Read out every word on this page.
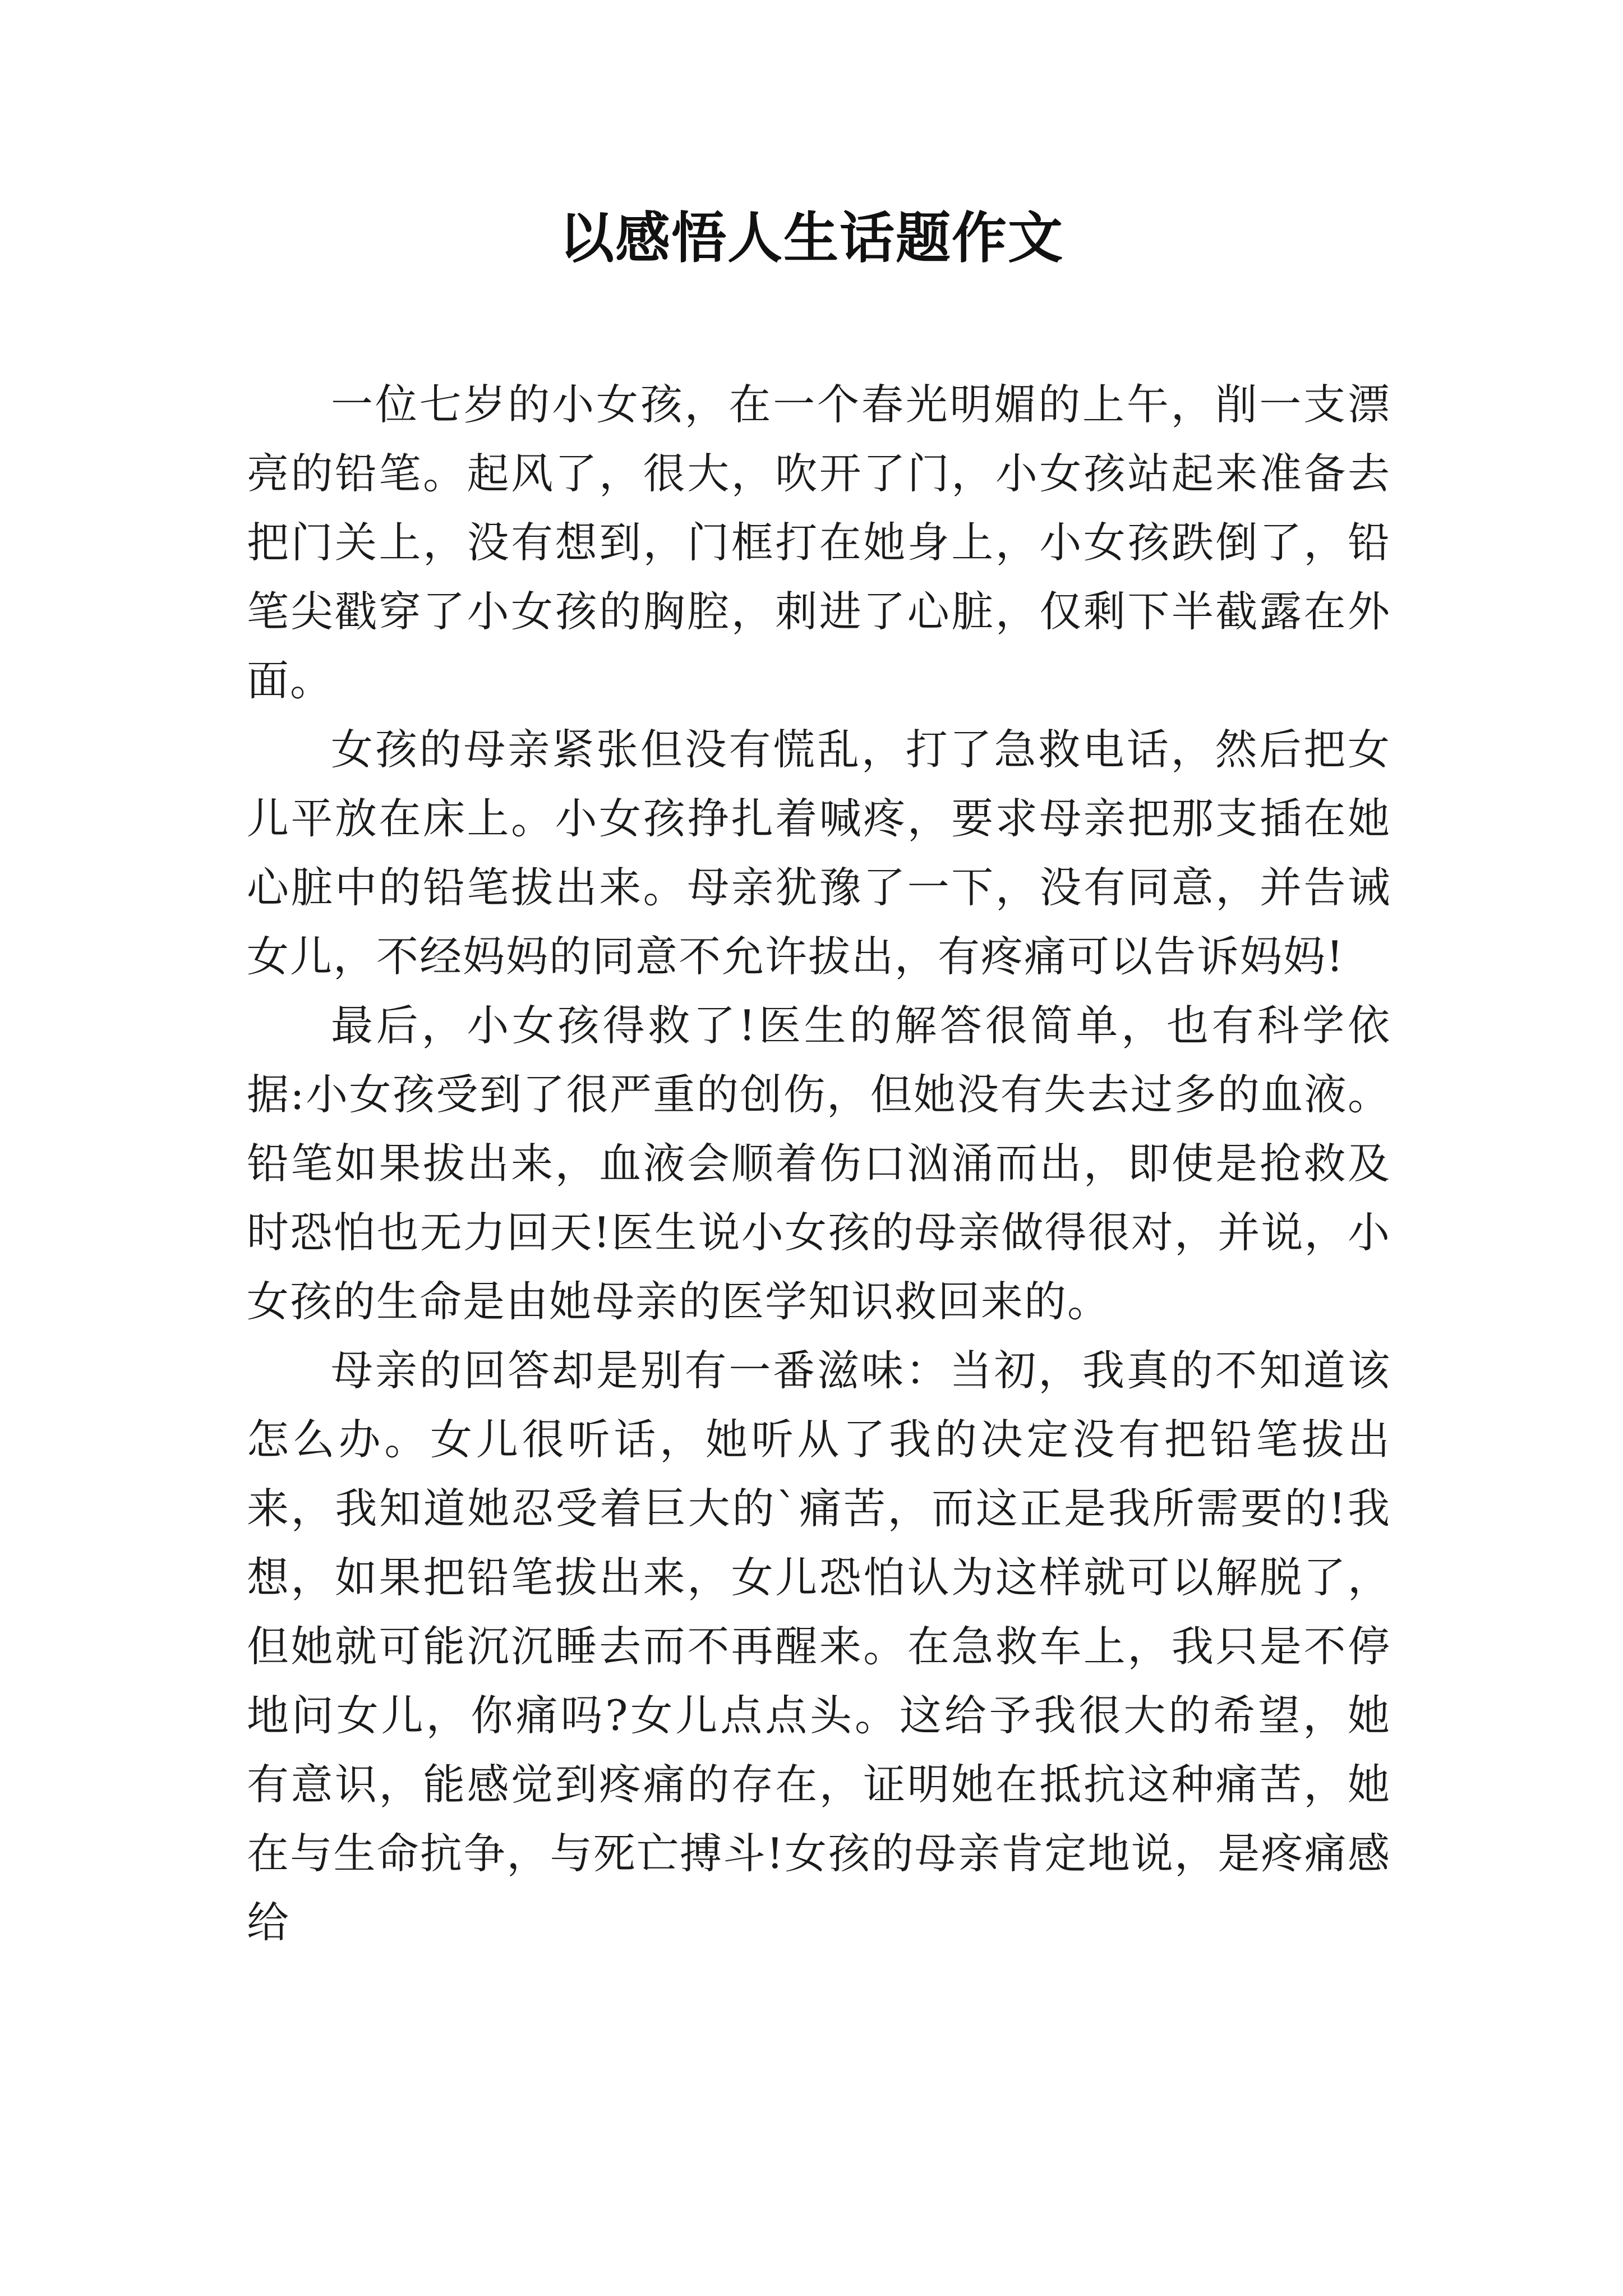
以感悟人生话题作文

一位七岁的小女孩，在一个春光明媚的上午，削一支漂亮的铅笔。起风了，很大，吹开了门，小女孩站起来准备去把门关上，没有想到，门框打在她身上，小女孩跌倒了，铅笔尖戳穿了小女孩的胸腔，刺进了心脏，仅剩下半截露在外面。

女孩的母亲紧张但没有慌乱，打了急救电话，然后把女儿平放在床上。小女孩挣扎着喊疼，要求母亲把那支插在她心脏中的铅笔拔出来。母亲犹豫了一下，没有同意，并告诫女儿，不经妈妈的同意不允许拔出，有疼痛可以告诉妈妈!

最后，小女孩得救了!医生的解答很简单，也有科学依据:小女孩受到了很严重的创伤，但她没有失去过多的血液。铅笔如果拔出来，血液会顺着伤口汹涌而出，即使是抢救及时恐怕也无力回天!医生说小女孩的母亲做得很对，并说，小女孩的生命是由她母亲的医学知识救回来的。

母亲的回答却是别有一番滋味：当初，我真的不知道该怎么办。女儿很听话，她听从了我的决定没有把铅笔拔出来，我知道她忍受着巨大的`痛苦，而这正是我所需要的!我想，如果把铅笔拔出来，女儿恐怕认为这样就可以解脱了，但她就可能沉沉睡去而不再醒来。在急救车上，我只是不停地问女儿，你痛吗?女儿点点头。这给予我很大的希望，她有意识，能感觉到疼痛的存在，证明她在抵抗这种痛苦，她在与生命抗争，与死亡搏斗!女孩的母亲肯定地说，是疼痛感给
